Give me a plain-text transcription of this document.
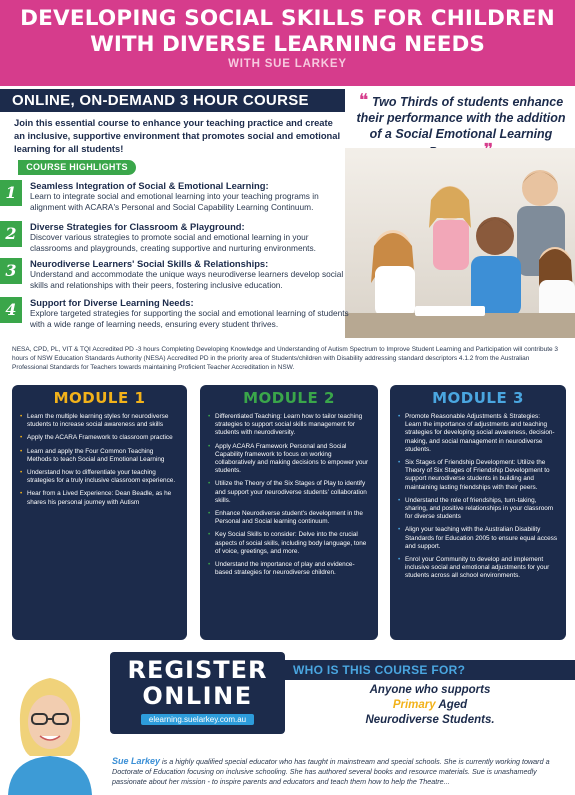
DEVELOPING SOCIAL SKILLS FOR CHILDREN
WITH DIVERSE LEARNING NEEDS
WITH SUE LARKEY
ONLINE, ON-DEMAND 3 HOUR COURSE
Join this essential course to enhance your teaching practice and create an inclusive, supportive environment that promotes social and emotional learning for all students!
❝ Two Thirds of students enhance their performance with the addition of a Social Emotional Learning
COURSE HIGHLIGHTS
1	Seamless Integration of Social & Emotional Learning:
Learn to integrate social and emotional learning into your teaching programs in alignment with ACARA's Personal and Social Capability Learning Continuum.
2	Diverse Strategies for Classroom & Playground:
Discover various strategies to promote social and emotional learning in your classrooms and playgrounds, creating supportive and nurturing environments.
3	Neurodiverse Learners' Social Skills & Relationships:
Understand and accommodate the unique ways neurodiverse learners develop social skills and relationships with their peers, fostering inclusive education.
4	Support for Diverse Learning Needs:
Explore targeted strategies for supporting the social and emotional learning of students with a wide range of learning needs, ensuring every student thrives.
NESA, CPD, PL, VIT & TQI Accredited PD -3 hours Completing Developing Knowledge and Understanding of Autism Spectrum to Improve Student Learning and Participation will contribute 3 hours of NSW Education Standards Authority (NESA) Accredited PD in the priority area of Students/children with Disability addressing standard descriptors 4.1.2 from the Australian Professional Standards for Teachers towards maintaining Proficient Teacher Accreditation in NSW.
MODULE 1
• Learn the multiple learning styles for neurodiverse students to increase social awareness and skills
• Apply the ACARA Framework to classroom practice
• Learn and apply the Four Common Teaching Methods to teach Social and Emotional Learning
• Understand how to differentiate your teaching strategies for a truly inclusive classroom experience.
• Hear from a Lived Experience: Dean Beadle, as he shares his personal journey with Autism
MODULE 2
• Differentiated Teaching: Learn how to tailor teaching strategies to support social skills management for students with neurodiversity.
• Apply ACARA Framework Personal and Social Capability framework to focus on working collaboratively and making decisions to empower your students.
• Utilize the Theory of the Six Stages of Play to identify and support your neurodiverse students' collaboration skills.
• Enhance Neurodiverse student's development in the Personal and Social learning continuum.
• Key Social Skills to consider: Delve into the crucial aspects of social skills, including body language, tone of voice, greetings, and more.
• Understand the importance of play and evidence-based strategies for neurodiverse children.
MODULE 3
• Promote Reasonable Adjustments & Strategies: Learn the importance of adjustments and teaching strategies for developing social awareness, decision-making, and social management in neurodiverse students.
• Six Stages of Friendship Development: Utilize the Theory of Six Stages of Friendship Development to support neurodiverse students in building and maintaining lasting friendships with their peers.
• Understand the role of friendships, turn-taking, sharing, and positive relationships in your classroom for diverse students
• Align your teaching with the Australian Disability Standards for Education 2005 to ensure equal access and support.
• Enrol your Community to develop and implement inclusive social and emotional adjustments for your students across all school environments.
REGISTER
ONLINE
elearning.suelarkey.com.au
WHO IS THIS COURSE FOR?
Anyone who supports
Primary Aged
Neurodiverse Students.
Sue Larkey is a highly qualified special educator who has taught in mainstream and special schools. She is currently working toward a Doctorate of Education focusing on inclusive schooling. She has authored several books and resource materials. Sue is unashamedly passionate about her mission - to inspire parents and educators and teach them how to help the Theatre...
